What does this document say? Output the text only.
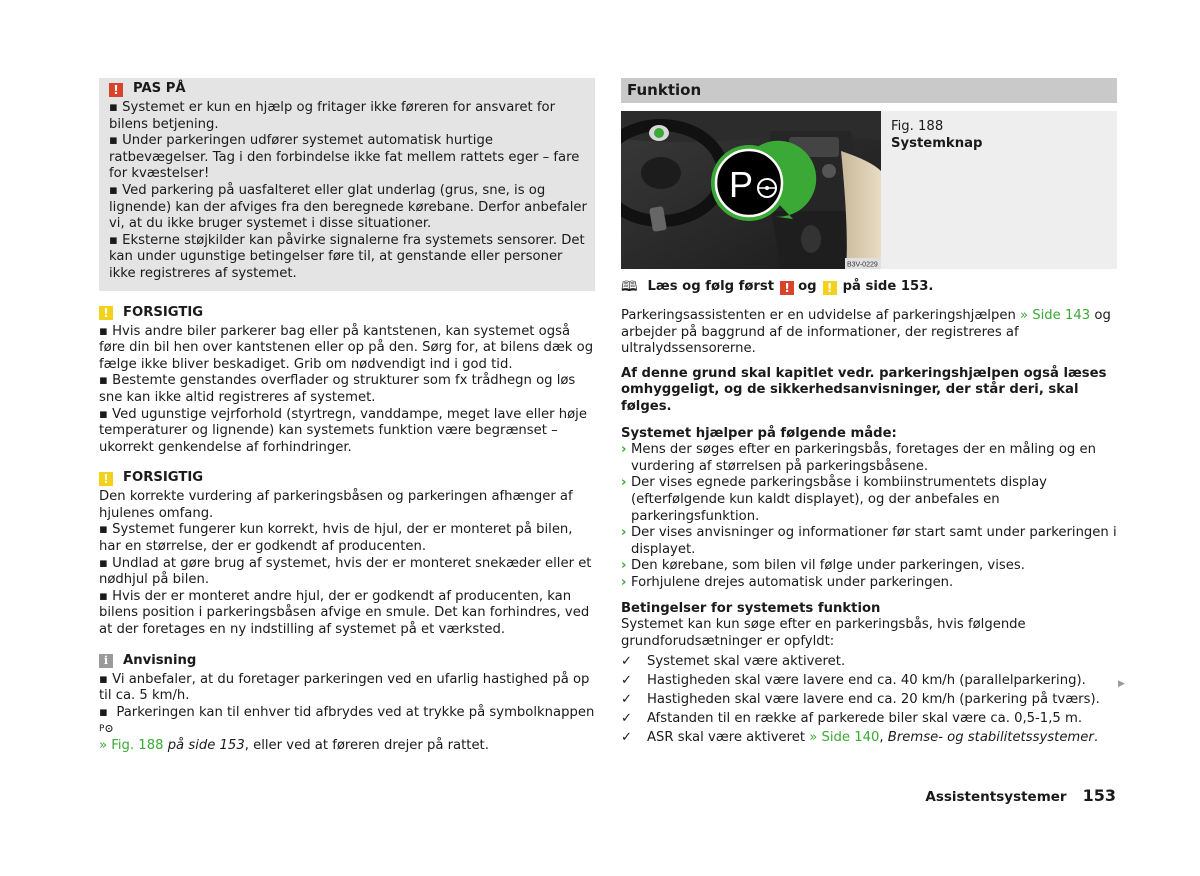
!	PAS PÅ

▪ Systemet er kun en hjælp og fritager ikke føreren for ansvaret for bilens betjening.

▪ Under parkeringen udfører systemet automatisk hurtige ratbevægelser. Tag i den forbindelse ikke fat mellem rattets eger – fare for kvæstelser!

▪ Ved parkering på uasfalteret eller glat underlag (grus, sne, is og lignende) kan der afviges fra den beregnede kørebane. Derfor anbefaler vi, at du ikke bruger systemet i disse situationer.

▪ Eksterne støjkilder kan påvirke signalerne fra systemets sensorer. Det kan under ugunstige betingelser føre til, at genstande eller personer ikke registreres af systemet.

!	FORSIGTIG

▪ Hvis andre biler parkerer bag eller på kantstenen, kan systemet også føre din bil hen over kantstenen eller op på den. Sørg for, at bilens dæk og fælge ikke bliver beskadiget. Grib om nødvendigt ind i god tid.

▪ Bestemte genstandes overflader og strukturer som fx trådhegn og løs sne kan ikke altid registreres af systemet.

▪ Ved ugunstige vejrforhold (styrtregn, vanddampe, meget lave eller høje temperaturer og lignende) kan systemets funktion være begrænset – ukorrekt genkendelse af forhindringer.

!	FORSIGTIG

Den korrekte vurdering af parkeringsbåsen og parkeringen afhænger af hjulenes omfang.

▪ Systemet fungerer kun korrekt, hvis de hjul, der er monteret på bilen, har en størrelse, der er godkendt af producenten.

▪ Undlad at gøre brug af systemet, hvis der er monteret snekæder eller et nødhjul på bilen.

▪ Hvis der er monteret andre hjul, der er godkendt af producenten, kan bilens position i parkeringsbåsen afvige en smule. Det kan forhindres, ved at der foretages en ny indstilling af systemet på et værksted.

i	Anvisning

▪ Vi anbefaler, at du foretager parkeringen ved en ufarlig hastighed på op til ca. 5 km/h.

▪ Parkeringen kan til enhver tid afbrydes ved at trykke på symbolknappen
P

» Fig. 188 på side 153, eller ved at føreren drejer på rattet.

Funktion
P
B3V-0229
Fig. 188
Systemknap
🕮 Læs og følg først ! og ! på side 153.

Parkeringsassistenten er en udvidelse af parkeringshjælpen » Side 143 og arbejder på baggrund af de informationer, der registreres af ultralydssensorerne.

Af denne grund skal kapitlet vedr. parkeringshjælpen også læses omhyggeligt, og de sikkerhedsanvisninger, der står deri, skal følges.

Systemet hjælper på følgende måde:

› Mens der søges efter en parkeringsbås, foretages der en måling og en vurdering af størrelsen på parkeringsbåsene.
› Der vises egnede parkeringsbåse i kombiinstrumentets display (efterfølgende kun kaldt displayet), og der anbefales en parkeringsfunktion.
› Der vises anvisninger og informationer før start samt under parkeringen i displayet.
› Den kørebane, som bilen vil følge under parkeringen, vises.
› Forhjulene drejes automatisk under parkeringen.

Betingelser for systemets funktion

Systemet kan kun søge efter en parkeringsbås, hvis følgende grundforudsætninger er opfyldt:

✓	Systemet skal være aktiveret.
✓	Hastigheden skal være lavere end ca. 40 km/h (parallelparkering).
✓	Hastigheden skal være lavere end ca. 20 km/h (parkering på tværs).
✓	Afstanden til en række af parkerede biler skal være ca. 0,5-1,5 m.
✓	ASR skal være aktiveret
» Side 140 , Bremse- og stabilitetssystemer .
▶
Assistentsystemer 153
